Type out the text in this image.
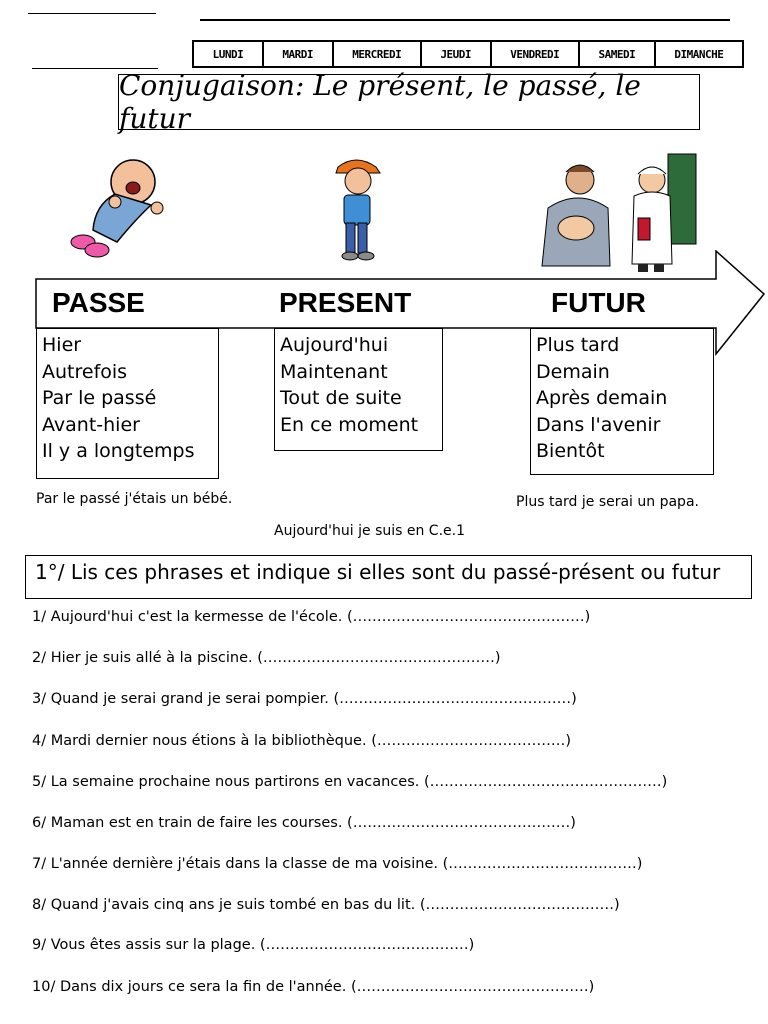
LUNDI	MARDI	MERCREDI	JEUDI	VENDREDI	SAMEDI	DIMANCHE
Conjugaison: Le présent, le passé, le futur
PASSE	PRESENT	FUTUR
Hier
Autrefois
Par le passé
Avant-hier
Il y a longtemps
Aujourd'hui
Maintenant
Tout de suite
En ce moment
Plus tard
Demain
Après demain
Dans l'avenir
Bientôt
Par le passé j'étais un bébé.
Aujourd'hui je suis en C.e.1
Plus tard je serai un papa.
1°/ Lis ces phrases et indique si elles sont du passé-présent ou futur
1/ Aujourd'hui c'est la kermesse de l'école. (…………………………………………)
2/ Hier je suis allé à la piscine. (…………………………………………)
3/ Quand je serai grand je serai pompier. (…………………………………………)
4/ Mardi dernier nous étions à la bibliothèque. (…………………………………)
5/ La semaine prochaine nous partirons en vacances. (…………………………………………)
6/ Maman est en train de faire les courses. (………………………………………)
7/ L'année dernière j'étais dans la classe de ma voisine. (…………………………………)
8/ Quand j'avais cinq ans je suis tombé en bas du lit. (…………………………………)
9/ Vous êtes assis sur la plage. (……………………………………)
10/ Dans dix jours ce sera la fin de l'année. (…………………………………………)
